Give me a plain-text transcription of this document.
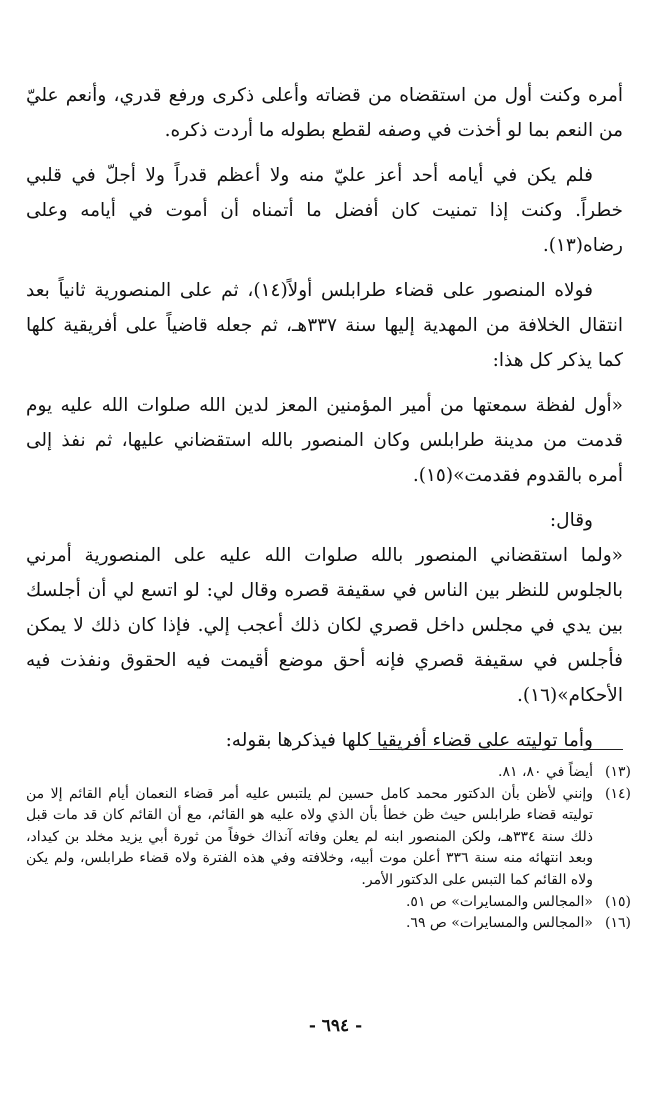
أمره وكنت أول من استقضاه من قضاته وأعلى ذكرى ورفع قدري، وأنعم عليّ من النعم بما لو أخذت في وصفه لقطع بطوله ما أردت ذكره.

فلم يكن في أيامه أحد أعز عليّ منه ولا أعظم قدراً ولا أجلّ في قلبي خطراً. وكنت إذا تمنيت كان أفضل ما أتمناه أن أموت في أيامه وعلى رضاه(١٣).

فولاه المنصور على قضاء طرابلس أولاً(١٤)، ثم على المنصورية ثانياً بعد انتقال الخلافة من المهدية إليها سنة ٣٣٧هـ، ثم جعله قاضياً على أفريقية كلها كما يذكر كل هذا:

«أول لفظة سمعتها من أمير المؤمنين المعز لدين الله صلوات الله عليه يوم قدمت من مدينة طرابلس وكان المنصور بالله استقضاني عليها، ثم نفذ إلى أمره بالقدوم فقدمت»(١٥).

وقال:

«ولما استقضاني المنصور بالله صلوات الله عليه على المنصورية أمرني بالجلوس للنظر بين الناس في سقيفة قصره وقال لي: لو اتسع لي أن أجلسك بين يدي في مجلس داخل قصري لكان ذلك أعجب إلي. فإذا كان ذلك لا يمكن فأجلس في سقيفة قصري فإنه أحق موضع أقيمت فيه الحقوق ونفذت فيه الأحكام»(١٦).

وأما توليته على قضاء أفريقيا كلها فيذكرها بقوله:

(١٣)
أيضاً في ٨٠، ٨١.
(١٤)
وإنني لأظن بأن الدكتور محمد كامل حسين لم يلتبس عليه أمر قضاء النعمان أيام القائم إلا من توليته قضاء طرابلس حيث ظن خطأ بأن الذي ولاه عليه هو القائم، مع أن القائم كان قد مات قبل ذلك سنة ٣٣٤هـ، ولكن المنصور ابنه لم يعلن وفاته آنذاك خوفاً من ثورة أبي يزيد مخلد بن كيداد، وبعد انتهائه منه سنة ٣٣٦ أعلن موت أبيه، وخلافته وفي هذه الفترة ولاه قضاء طرابلس، ولم يكن ولاه القائم كما التبس على الدكتور الأمر.
(١٥)
«المجالس والمسايرات» ص ٥١.
(١٦)
«المجالس والمسايرات» ص ٦٩.
- ٦٩٤ -
